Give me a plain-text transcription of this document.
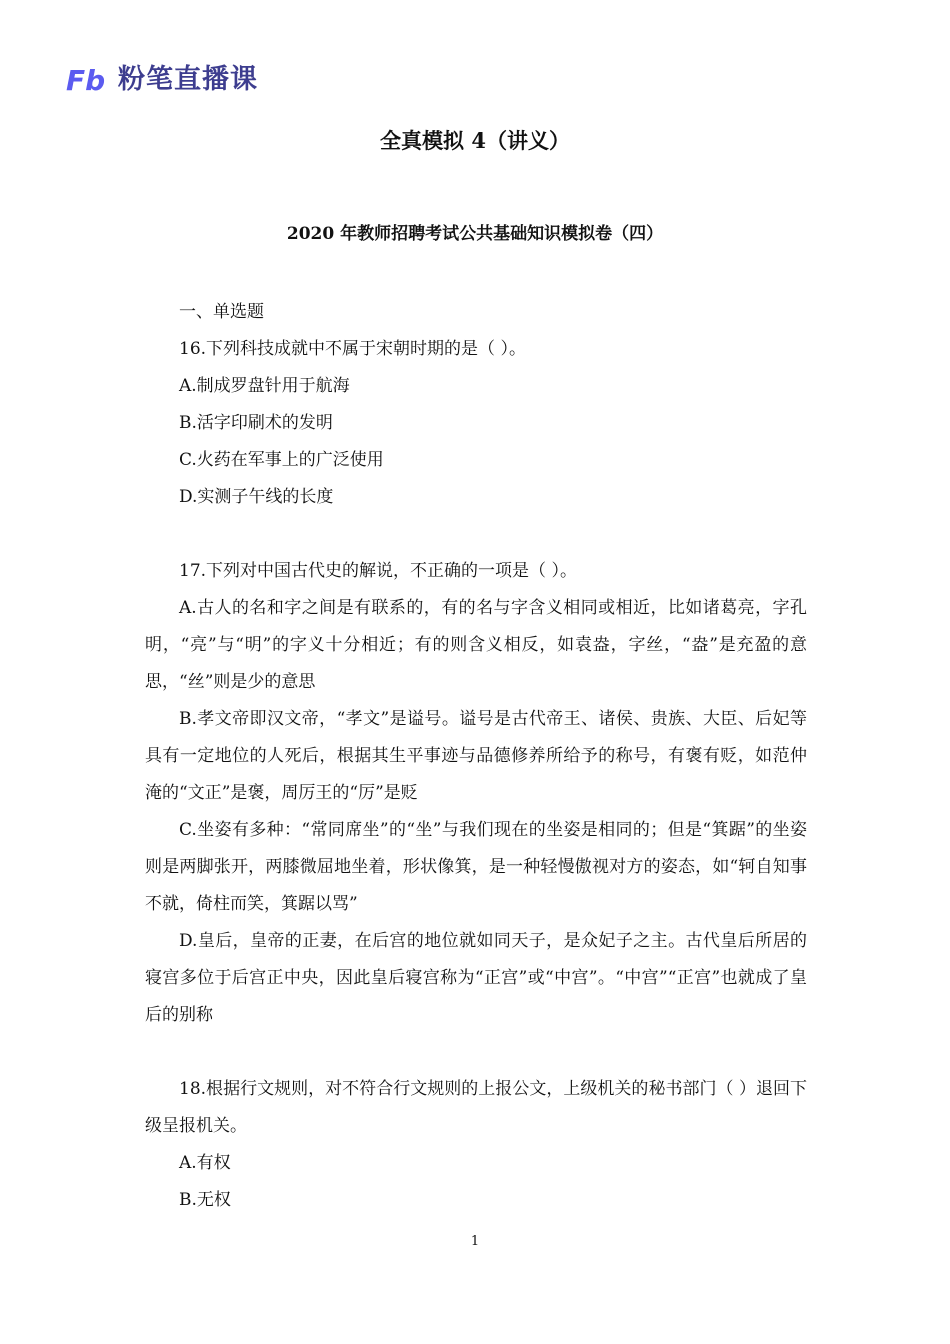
Fb 粉笔直播课
全真模拟 4（讲义）
2020 年教师招聘考试公共基础知识模拟卷（四）

一、单选题

16.下列科技成就中不属于宋朝时期的是（ ）。

A.制成罗盘针用于航海

B.活字印刷术的发明

C.火药在军事上的广泛使用

D.实测子午线的长度

17.下列对中国古代史的解说，不正确的一项是（ ）。

A.古人的名和字之间是有联系的，有的名与字含义相同或相近，比如诸葛亮，字孔明，“亮”与“明”的字义十分相近；有的则含义相反，如袁盎，字丝，“盎”是充盈的意思，“丝”则是少的意思

B.孝文帝即汉文帝，“孝文”是谥号。谥号是古代帝王、诸侯、贵族、大臣、后妃等具有一定地位的人死后，根据其生平事迹与品德修养所给予的称号，有褒有贬，如范仲淹的“文正”是褒，周厉王的“厉”是贬

C.坐姿有多种：“常同席坐”的“坐”与我们现在的坐姿是相同的；但是“箕踞”的坐姿则是两脚张开，两膝微屈地坐着，形状像箕，是一种轻慢傲视对方的姿态，如“轲自知事不就，倚柱而笑，箕踞以骂”

D.皇后，皇帝的正妻，在后宫的地位就如同天子，是众妃子之主。古代皇后所居的寝宫多位于后宫正中央，因此皇后寝宫称为“正宫”或“中宫”。“中宫”“正宫”也就成了皇后的别称

18.根据行文规则，对不符合行文规则的上报公文，上级机关的秘书部门（ ）退回下级呈报机关。

A.有权

B.无权

1
